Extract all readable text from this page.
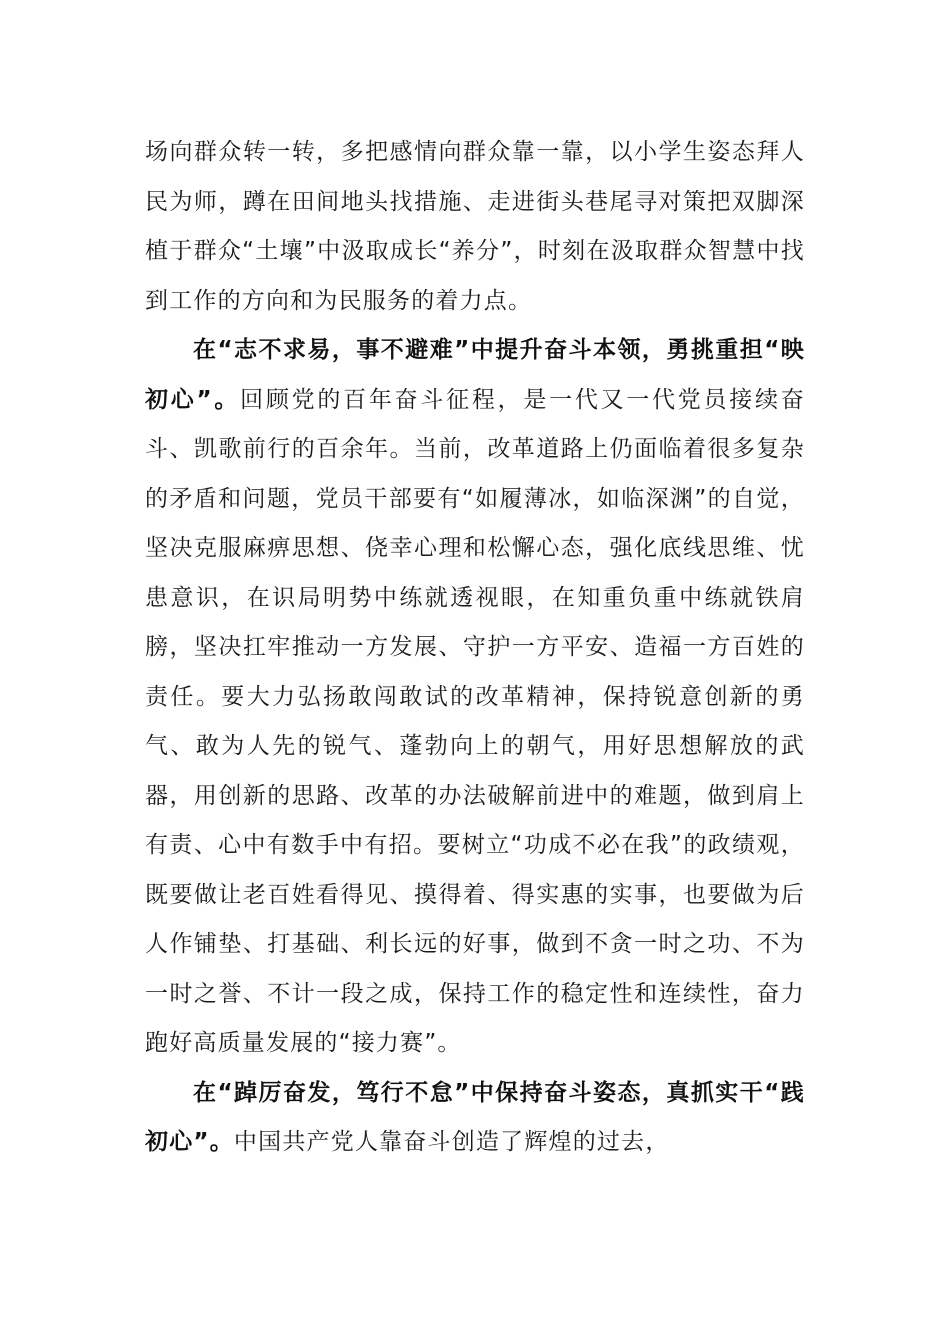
场向群众转一转，多把感情向群众靠一靠，以小学生姿态拜人民为师，蹲在田间地头找措施、走进街头巷尾寻对策把双脚深植于群众“土壤”中汲取成长“养分”，时刻在汲取群众智慧中找到工作的方向和为民服务的着力点。

在“志不求易，事不避难”中提升奋斗本领，勇挑重担“映初心”。回顾党的百年奋斗征程，是一代又一代党员接续奋斗、凯歌前行的百余年。当前，改革道路上仍面临着很多复杂的矛盾和问题，党员干部要有“如履薄冰，如临深渊”的自觉，坚决克服麻痹思想、侥幸心理和松懈心态，强化底线思维、忧患意识，在识局明势中练就透视眼，在知重负重中练就铁肩膀，坚决扛牢推动一方发展、守护一方平安、造福一方百姓的责任。要大力弘扬敢闯敢试的改革精神，保持锐意创新的勇气、敢为人先的锐气、蓬勃向上的朝气，用好思想解放的武器，用创新的思路、改革的办法破解前进中的难题，做到肩上有责、心中有数手中有招。要树立“功成不必在我”的政绩观，既要做让老百姓看得见、摸得着、得实惠的实事，也要做为后人作铺垫、打基础、利长远的好事，做到不贪一时之功、不为一时之誉、不计一段之成，保持工作的稳定性和连续性，奋力跑好高质量发展的“接力赛”。

在“踔厉奋发，笃行不怠”中保持奋斗姿态，真抓实干“践初心”。中国共产党人靠奋斗创造了辉煌的过去，
